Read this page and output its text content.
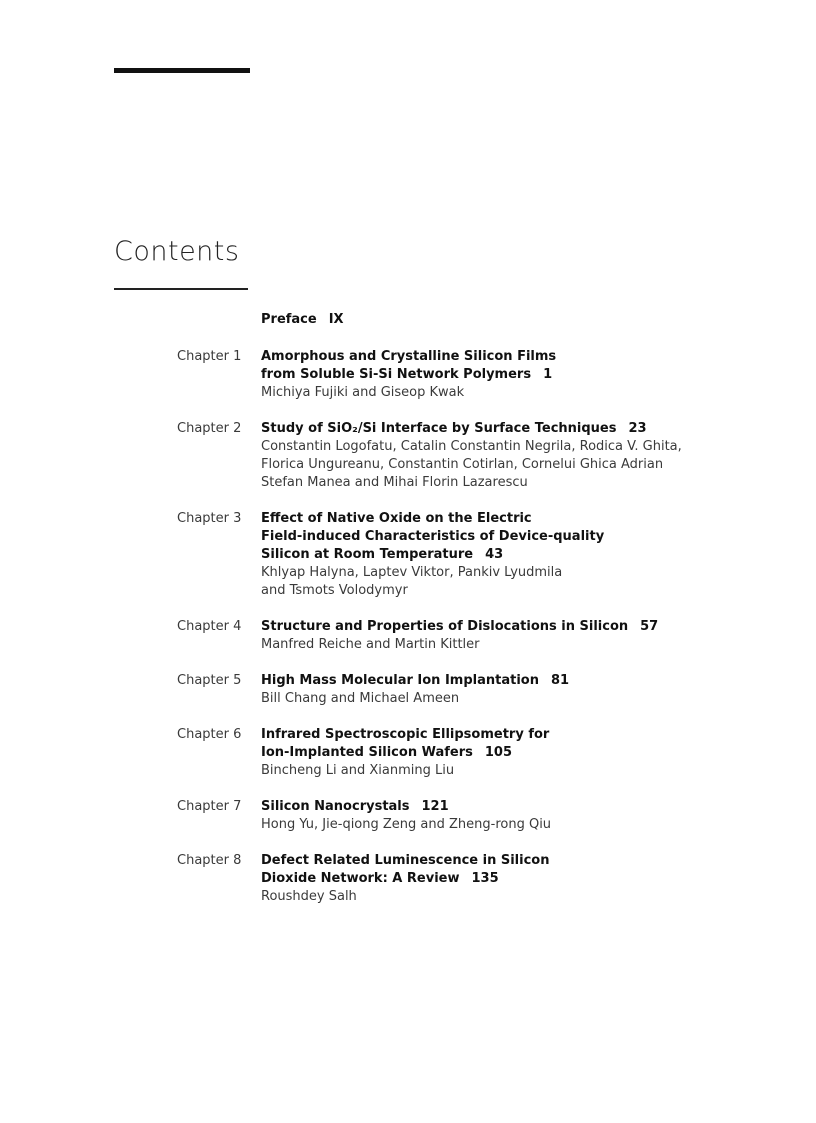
Contents
Preface IX
Chapter 1	Amorphous and Crystalline Silicon Films
from Soluble Si-Si Network Polymers 1
Michiya Fujiki and Giseop Kwak
Chapter 2	Study of SiO₂/Si Interface by Surface Techniques 23
Constantin Logofatu, Catalin Constantin Negrila, Rodica V. Ghita,
Florica Ungureanu, Constantin Cotirlan, Cornelui Ghica Adrian
Stefan Manea and Mihai Florin Lazarescu
Chapter 3	Effect of Native Oxide on the Electric
Field-induced Characteristics of Device-quality
Silicon at Room Temperature 43
Khlyap Halyna, Laptev Viktor, Pankiv Lyudmila
and Tsmots Volodymyr
Chapter 4	Structure and Properties of Dislocations in Silicon 57
Manfred Reiche and Martin Kittler
Chapter 5	High Mass Molecular Ion Implantation 81
Bill Chang and Michael Ameen
Chapter 6	Infrared Spectroscopic Ellipsometry for
Ion-Implanted Silicon Wafers 105
Bincheng Li and Xianming Liu
Chapter 7	Silicon Nanocrystals 121
Hong Yu, Jie-qiong Zeng and Zheng-rong Qiu
Chapter 8	Defect Related Luminescence in Silicon
Dioxide Network: A Review 135
Roushdey Salh
